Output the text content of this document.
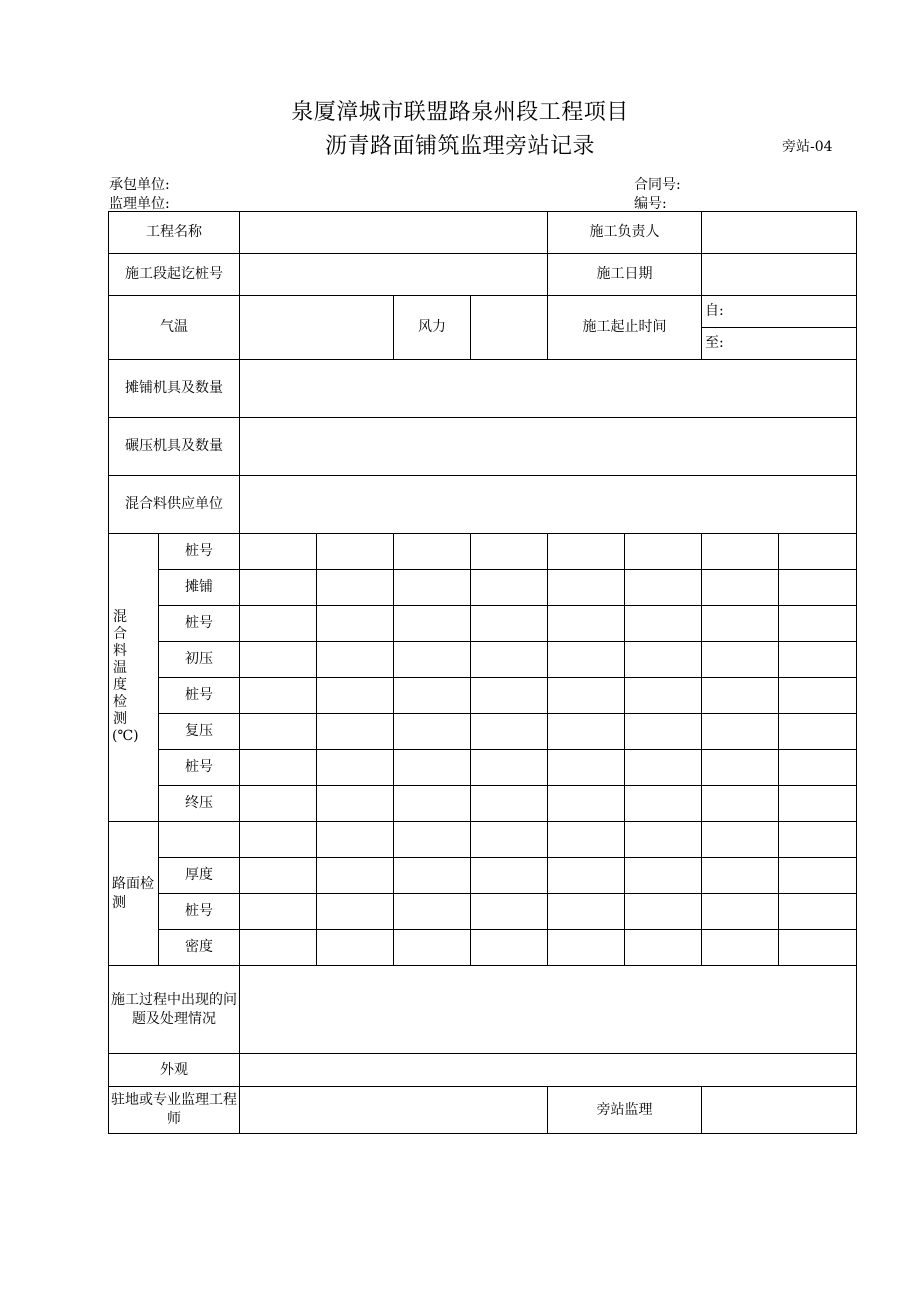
泉厦漳城市联盟路泉州段工程项目
沥青路面铺筑监理旁站记录	旁站-04
承包单位:	合同号:
监理单位:	编号:
工程名称						施工负责人			
施工段起讫桩号						施工日期			
气温				风力		施工起止时间		自:	
								至:	
摊铺机具及数量									
碾压机具及数量									
混合料供应单位									
混合料温度检测(℃)	桩号								
	摊铺								
	桩号								
	初压								
	桩号								
	复压								
	桩号								
	终压								
路面检测									
	厚度								
	桩号								
	密度								
施工过程中出现的问题及处理情况									
外观									
驻地或专业监理工程师						旁站监理			
